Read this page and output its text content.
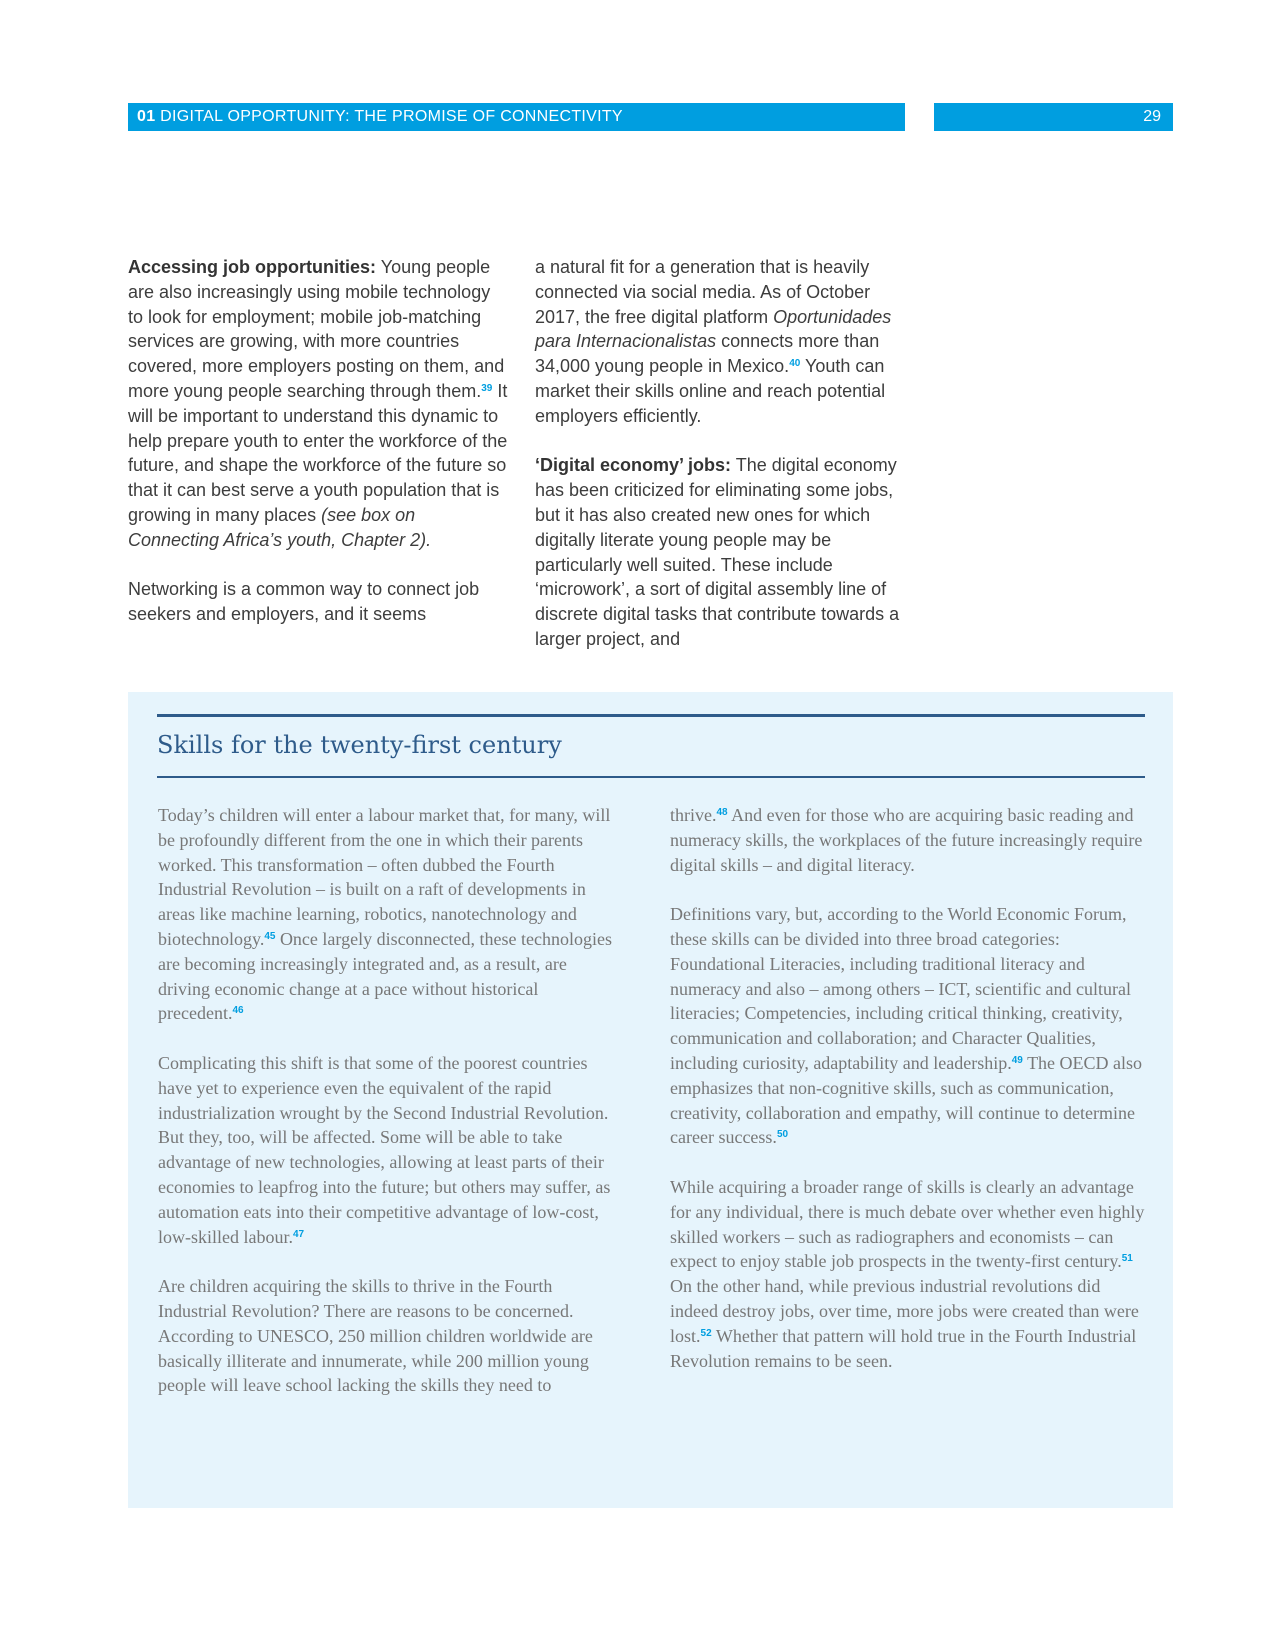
01 DIGITAL OPPORTUNITY: THE PROMISE OF CONNECTIVITY	29

Accessing job opportunities: Young people are also increasingly using mobile technology to look for employment; mobile job-matching services are growing, with more countries covered, more employers posting on them, and more young people searching through them.$^{39}$ It will be important to understand this dynamic to help prepare youth to enter the workforce of the future, and shape the workforce of the future so that it can best serve a youth population that is growing in many places (see box on Connecting Africa’s youth, Chapter 2).

Networking is a common way to connect job seekers and employers, and it seems

a natural fit for a generation that is heavily connected via social media. As of October 2017, the free digital platform Oportunidades para Internacionalistas connects more than 34,000 young people in Mexico.$^{40}$ Youth can market their skills online and reach potential employers efficiently.

‘Digital economy’ jobs: The digital economy has been criticized for eliminating some jobs, but it has also created new ones for which digitally literate young people may be particularly well suited. These include ‘microwork’, a sort of digital assembly line of discrete digital tasks that contribute towards a larger project, and

Skills for the twenty-first century

Today’s children will enter a labour market that, for many, will be profoundly different from the one in which their parents worked. This transformation – often dubbed the Fourth Industrial Revolution – is built on a raft of developments in areas like machine learning, robotics, nanotechnology and biotechnology.$^{45}$ Once largely disconnected, these technologies are becoming increasingly integrated and, as a result, are driving economic change at a pace without historical precedent.$^{46}$

Complicating this shift is that some of the poorest countries have yet to experience even the equivalent of the rapid industrialization wrought by the Second Industrial Revolution. But they, too, will be affected. Some will be able to take advantage of new technologies, allowing at least parts of their economies to leapfrog into the future; but others may suffer, as automation eats into their competitive advantage of low-cost, low-skilled labour.$^{47}$

Are children acquiring the skills to thrive in the Fourth Industrial Revolution? There are reasons to be concerned. According to UNESCO, 250 million children worldwide are basically illiterate and innumerate, while 200 million young people will leave school lacking the skills they need to

thrive.$^{48}$ And even for those who are acquiring basic reading and numeracy skills, the workplaces of the future increasingly require digital skills – and digital literacy.

Definitions vary, but, according to the World Economic Forum, these skills can be divided into three broad categories: Foundational Literacies, including traditional literacy and numeracy and also – among others – ICT, scientific and cultural literacies; Competencies, including critical thinking, creativity, communication and collaboration; and Character Qualities, including curiosity, adaptability and leadership.$^{49}$ The OECD also emphasizes that non-cognitive skills, such as communication, creativity, collaboration and empathy, will continue to determine career success.$^{50}$

While acquiring a broader range of skills is clearly an advantage for any individual, there is much debate over whether even highly skilled workers – such as radiographers and economists – can expect to enjoy stable job prospects in the twenty-first century.$^{51}$ On the other hand, while previous industrial revolutions did indeed destroy jobs, over time, more jobs were created than were lost.$^{52}$ Whether that pattern will hold true in the Fourth Industrial Revolution remains to be seen.
